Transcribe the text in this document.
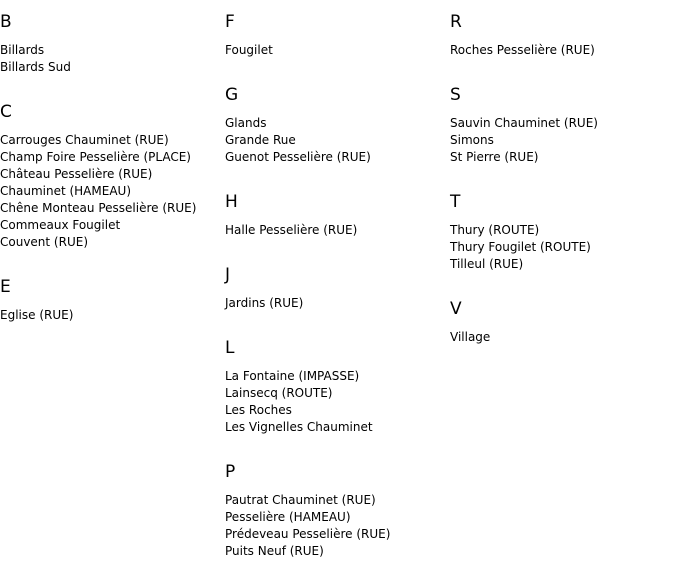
B
Billards
Billards Sud
C
Carrouges Chauminet (RUE)
Champ Foire Pesselière (PLACE)
Château Pesselière (RUE)
Chauminet (HAMEAU)
Chêne Monteau Pesselière (RUE)
Commeaux Fougilet
Couvent (RUE)
E
Eglise (RUE)
F
Fougilet
G
Glands
Grande Rue
Guenot Pesselière (RUE)
H
Halle Pesselière (RUE)
J
Jardins (RUE)
L
La Fontaine (IMPASSE)
Lainsecq (ROUTE)
Les Roches
Les Vignelles Chauminet
P
Pautrat Chauminet (RUE)
Pesselière (HAMEAU)
Prédeveau Pesselière (RUE)
Puits Neuf (RUE)
R
Roches Pesselière (RUE)
S
Sauvin Chauminet (RUE)
Simons
St Pierre (RUE)
T
Thury (ROUTE)
Thury Fougilet (ROUTE)
Tilleul (RUE)
V
Village
